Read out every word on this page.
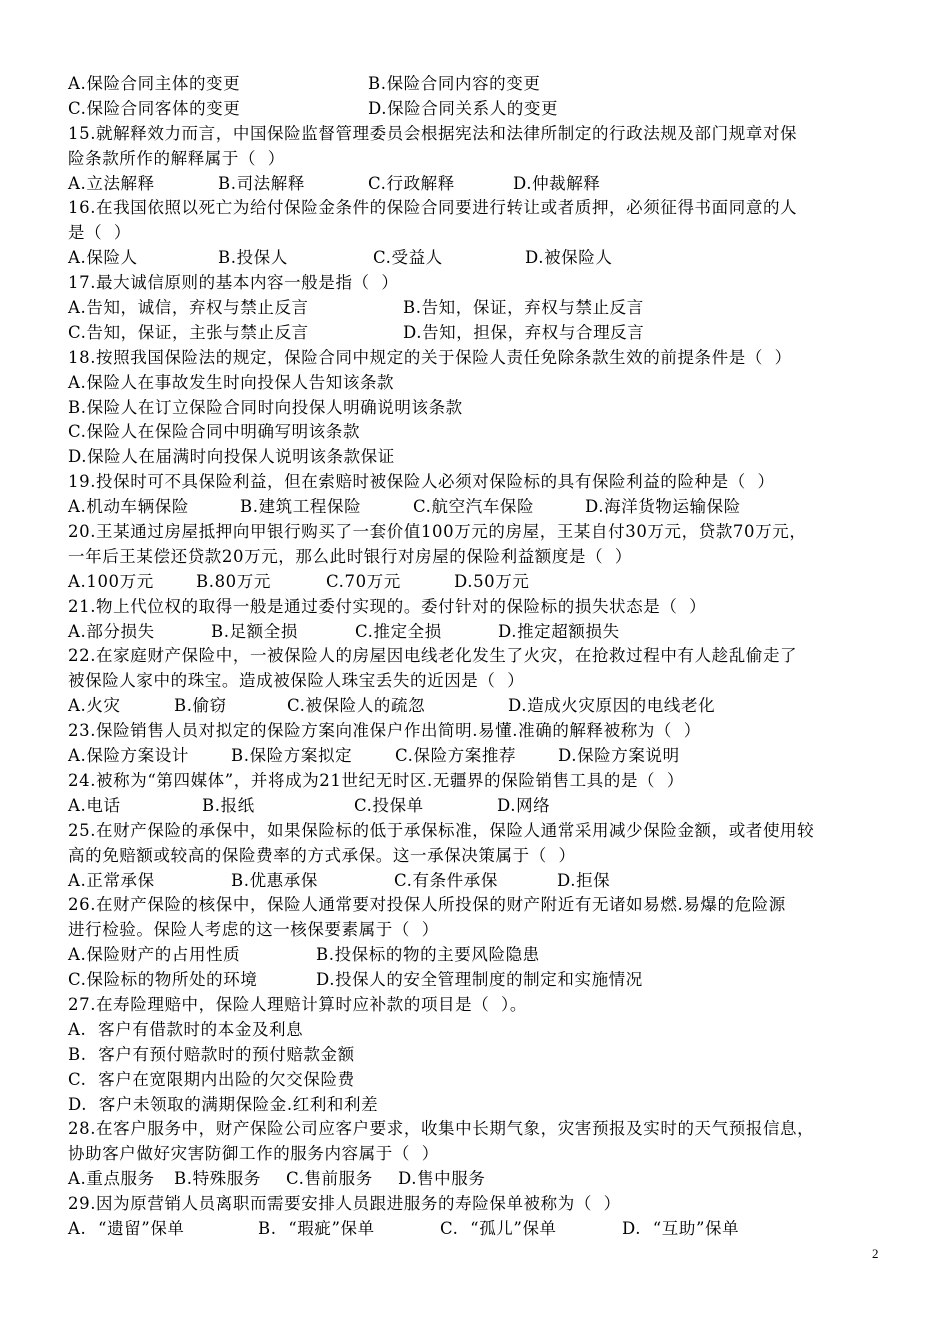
A.保险合同主体的变更	B.保险合同内容的变更
C.保险合同客体的变更	D.保险合同关系人的变更
15.就解释效力而言，中国保险监督管理委员会根据宪法和法律所制定的行政法规及部门规章对保
险条款所作的解释属于（  ）
A.立法解释	B.司法解释	C.行政解释	D.仲裁解释
16.在我国依照以死亡为给付保险金条件的保险合同要进行转让或者质押，必须征得书面同意的人
是（  ）
A.保险人	B.投保人	C.受益人	D.被保险人
17.最大诚信原则的基本内容一般是指（  ）
A.告知，诚信，弃权与禁止反言	B.告知，保证，弃权与禁止反言
C.告知，保证，主张与禁止反言	D.告知，担保，弃权与合理反言
18.按照我国保险法的规定，保险合同中规定的关于保险人责任免除条款生效的前提条件是（  ）
A.保险人在事故发生时向投保人告知该条款
B.保险人在订立保险合同时向投保人明确说明该条款
C.保险人在保险合同中明确写明该条款
D.保险人在届满时向投保人说明该条款保证
19.投保时可不具保险利益，但在索赔时被保险人必须对保险标的具有保险利益的险种是（  ）
A.机动车辆保险	B.建筑工程保险	C.航空汽车保险	D.海洋货物运输保险
20.王某通过房屋抵押向甲银行购买了一套价值100万元的房屋，王某自付30万元，贷款70万元，
一年后王某偿还贷款20万元，那么此时银行对房屋的保险利益额度是（  ）
A.100万元	B.80万元	C.70万元	D.50万元
21.物上代位权的取得一般是通过委付实现的。委付针对的保险标的损失状态是（  ）
A.部分损失	B.足额全损	C.推定全损	D.推定超额损失
22.在家庭财产保险中，一被保险人的房屋因电线老化发生了火灾，在抢救过程中有人趁乱偷走了
被保险人家中的珠宝。造成被保险人珠宝丢失的近因是（  ）
A.火灾	B.偷窃	C.被保险人的疏忽	D.造成火灾原因的电线老化
23.保险销售人员对拟定的保险方案向准保户作出简明.易懂.准确的解释被称为（  ）
A.保险方案设计	B.保险方案拟定	C.保险方案推荐	D.保险方案说明
24.被称为“第四媒体”，并将成为21世纪无时区.无疆界的保险销售工具的是（  ）
A.电话	B.报纸	C.投保单	D.网络
25.在财产保险的承保中，如果保险标的低于承保标准，保险人通常采用减少保险金额，或者使用较
高的免赔额或较高的保险费率的方式承保。这一承保决策属于（  ）
A.正常承保	B.优惠承保	C.有条件承保	D.拒保
26.在财产保险的核保中，保险人通常要对投保人所投保的财产附近有无诸如易燃.易爆的危险源
进行检验。保险人考虑的这一核保要素属于（  ）
A.保险财产的占用性质	B.投保标的物的主要风险隐患
C.保险标的物所处的环境	D.投保人的安全管理制度的制定和实施情况
27.在寿险理赔中，保险人理赔计算时应补款的项目是（  ）。
A.  客户有借款时的本金及利息
B.  客户有预付赔款时的预付赔款金额
C.  客户在宽限期内出险的欠交保险费
D.  客户未领取的满期保险金.红利和利差
28.在客户服务中，财产保险公司应客户要求，收集中长期气象，灾害预报及实时的天气预报信息，
协助客户做好灾害防御工作的服务内容属于（  ）
A.重点服务	B.特殊服务	C.售前服务	D.售中服务
29.因为原营销人员离职而需要安排人员跟进服务的寿险保单被称为（  ）
A.  “遗留”保单	B.  “瑕疵”保单	C.  “孤儿”保单	D.  “互助”保单
2
